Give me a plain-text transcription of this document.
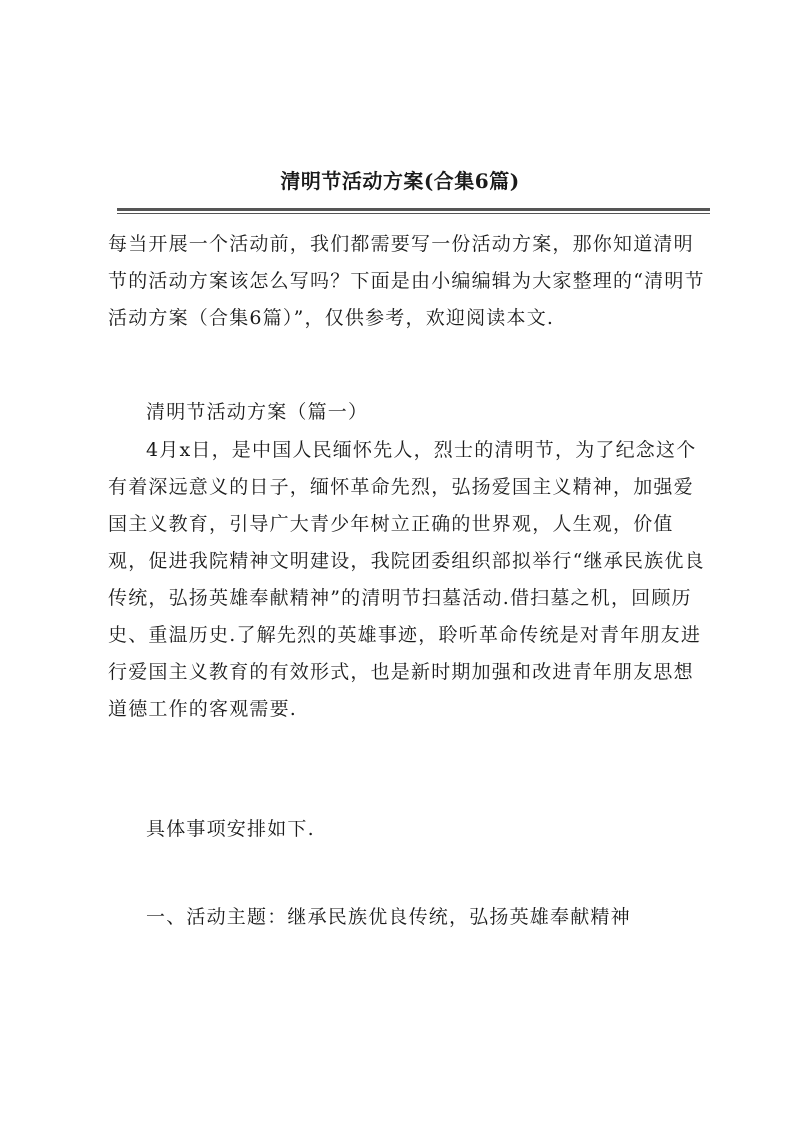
清明节活动方案(合集6篇)

每当开展一个活动前，我们都需要写一份活动方案，那你知道清明节的活动方案该怎么写吗？下面是由小编编辑为大家整理的“清明节活动方案（合集6篇）”，仅供参考，欢迎阅读本文.

清明节活动方案（篇一）

4月x日，是中国人民缅怀先人，烈士的清明节，为了纪念这个有着深远意义的日子，缅怀革命先烈，弘扬爱国主义精神，加强爱国主义教育，引导广大青少年树立正确的世界观，人生观，价值观，促进我院精神文明建设，我院团委组织部拟举行“继承民族优良传统，弘扬英雄奉献精神”的清明节扫墓活动.借扫墓之机，回顾历史、重温历史.了解先烈的英雄事迹，聆听革命传统是对青年朋友进行爱国主义教育的有效形式，也是新时期加强和改进青年朋友思想道德工作的客观需要.

具体事项安排如下.

一、活动主题：继承民族优良传统，弘扬英雄奉献精神
